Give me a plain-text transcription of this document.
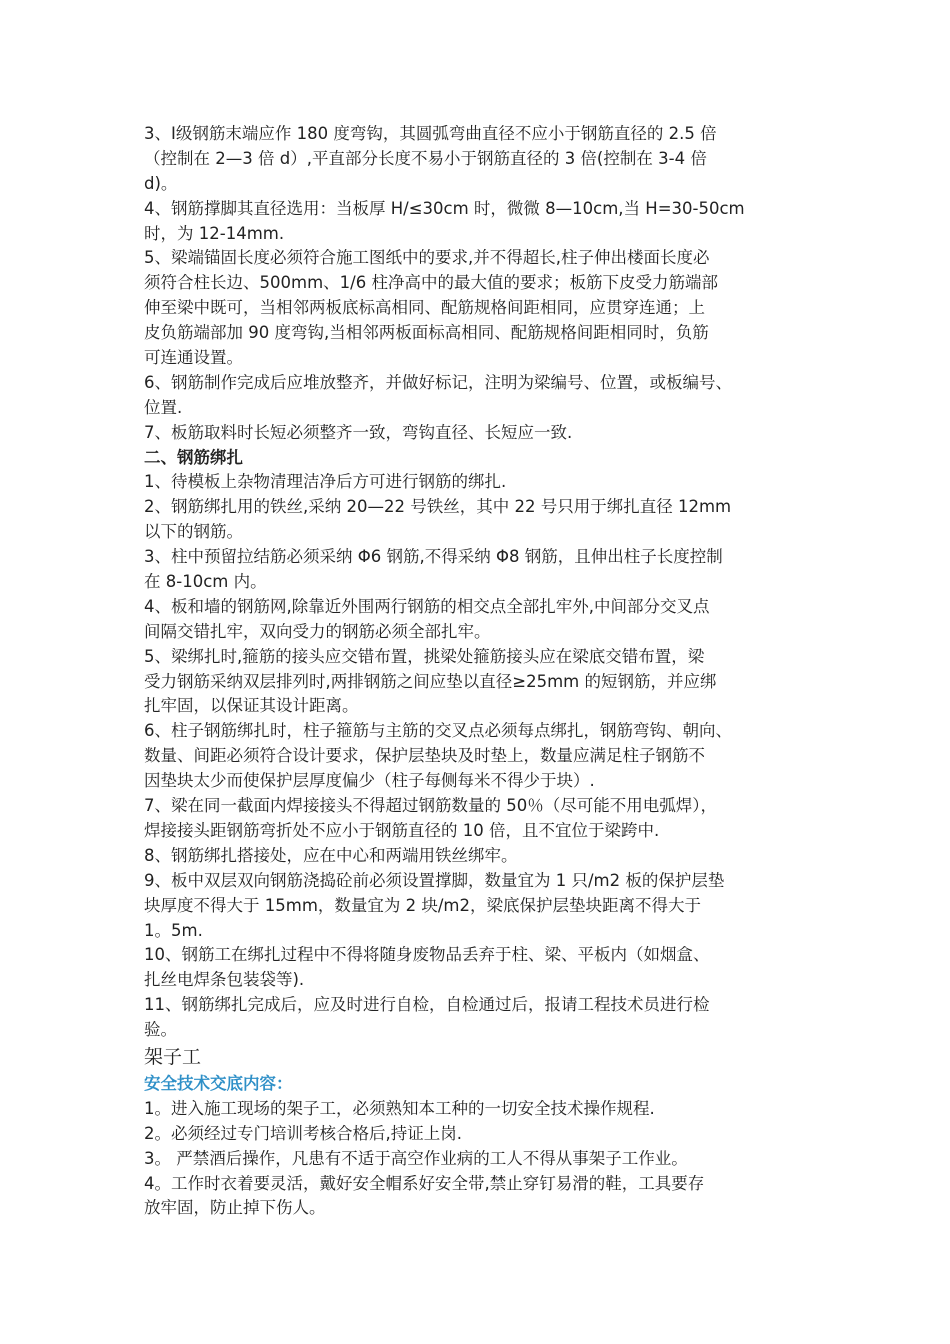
3、Ⅰ级钢筋末端应作 180 度弯钩，其圆弧弯曲直径不应小于钢筋直径的 2.5 倍
（控制在 2—3 倍 d）,平直部分长度不易小于钢筋直径的 3 倍(控制在 3-4 倍
d)。
4、钢筋撑脚其直径选用：当板厚 H/≤30cm 时，微微 8—10cm,当 H=30-50cm
时，为 12-14mm.
5、梁端锚固长度必须符合施工图纸中的要求,并不得超长,柱子伸出楼面长度必
须符合柱长边、500mm、1/6 柱净高中的最大值的要求；板筋下皮受力筋端部
伸至梁中既可，当相邻两板底标高相同、配筋规格间距相同，应贯穿连通；上
皮负筋端部加 90 度弯钩,当相邻两板面标高相同、配筋规格间距相同时，负筋
可连通设置。
6、钢筋制作完成后应堆放整齐，并做好标记，注明为梁编号、位置，或板编号、
位置.
7、板筋取料时长短必须整齐一致，弯钩直径、长短应一致.
二、钢筋绑扎
1、待模板上杂物清理洁净后方可进行钢筋的绑扎.
2、钢筋绑扎用的铁丝,采纳 20—22 号铁丝，其中 22 号只用于绑扎直径 12mm
以下的钢筋。
3、柱中预留拉结筋必须采纳 Φ6 钢筋,不得采纳 Φ8 钢筋，且伸出柱子长度控制
在 8-10cm 内。
4、板和墙的钢筋网,除靠近外围两行钢筋的相交点全部扎牢外,中间部分交叉点
间隔交错扎牢，双向受力的钢筋必须全部扎牢。
5、梁绑扎时,箍筋的接头应交错布置，挑梁处箍筋接头应在梁底交错布置，梁
受力钢筋采纳双层排列时,两排钢筋之间应垫以直径≥25mm 的短钢筋，并应绑
扎牢固，以保证其设计距离。
6、柱子钢筋绑扎时，柱子箍筋与主筋的交叉点必须每点绑扎，钢筋弯钩、朝向、
数量、间距必须符合设计要求，保护层垫块及时垫上，数量应满足柱子钢筋不
因垫块太少而使保护层厚度偏少（柱子每侧每米不得少于块）.
7、梁在同一截面内焊接接头不得超过钢筋数量的 50％（尽可能不用电弧焊），
焊接接头距钢筋弯折处不应小于钢筋直径的 10 倍，且不宜位于梁跨中.
8、钢筋绑扎搭接处，应在中心和两端用铁丝绑牢。
9、板中双层双向钢筋浇捣砼前必须设置撑脚，数量宜为 1 只/m2 板的保护层垫
块厚度不得大于 15mm，数量宜为 2 块/m2，梁底保护层垫块距离不得大于
1。5m.
10、钢筋工在绑扎过程中不得将随身废物品丢弃于柱、梁、平板内（如烟盒、
扎丝电焊条包装袋等).
11、钢筋绑扎完成后，应及时进行自检，自检通过后，报请工程技术员进行检
验。
架子工
安全技术交底内容：
1。进入施工现场的架子工，必须熟知本工种的一切安全技术操作规程.
2。必须经过专门培训考核合格后,持证上岗.
3。 严禁酒后操作，凡患有不适于高空作业病的工人不得从事架子工作业。
4。工作时衣着要灵活，戴好安全帽系好安全带,禁止穿钉易滑的鞋，工具要存
放牢固，防止掉下伤人。
